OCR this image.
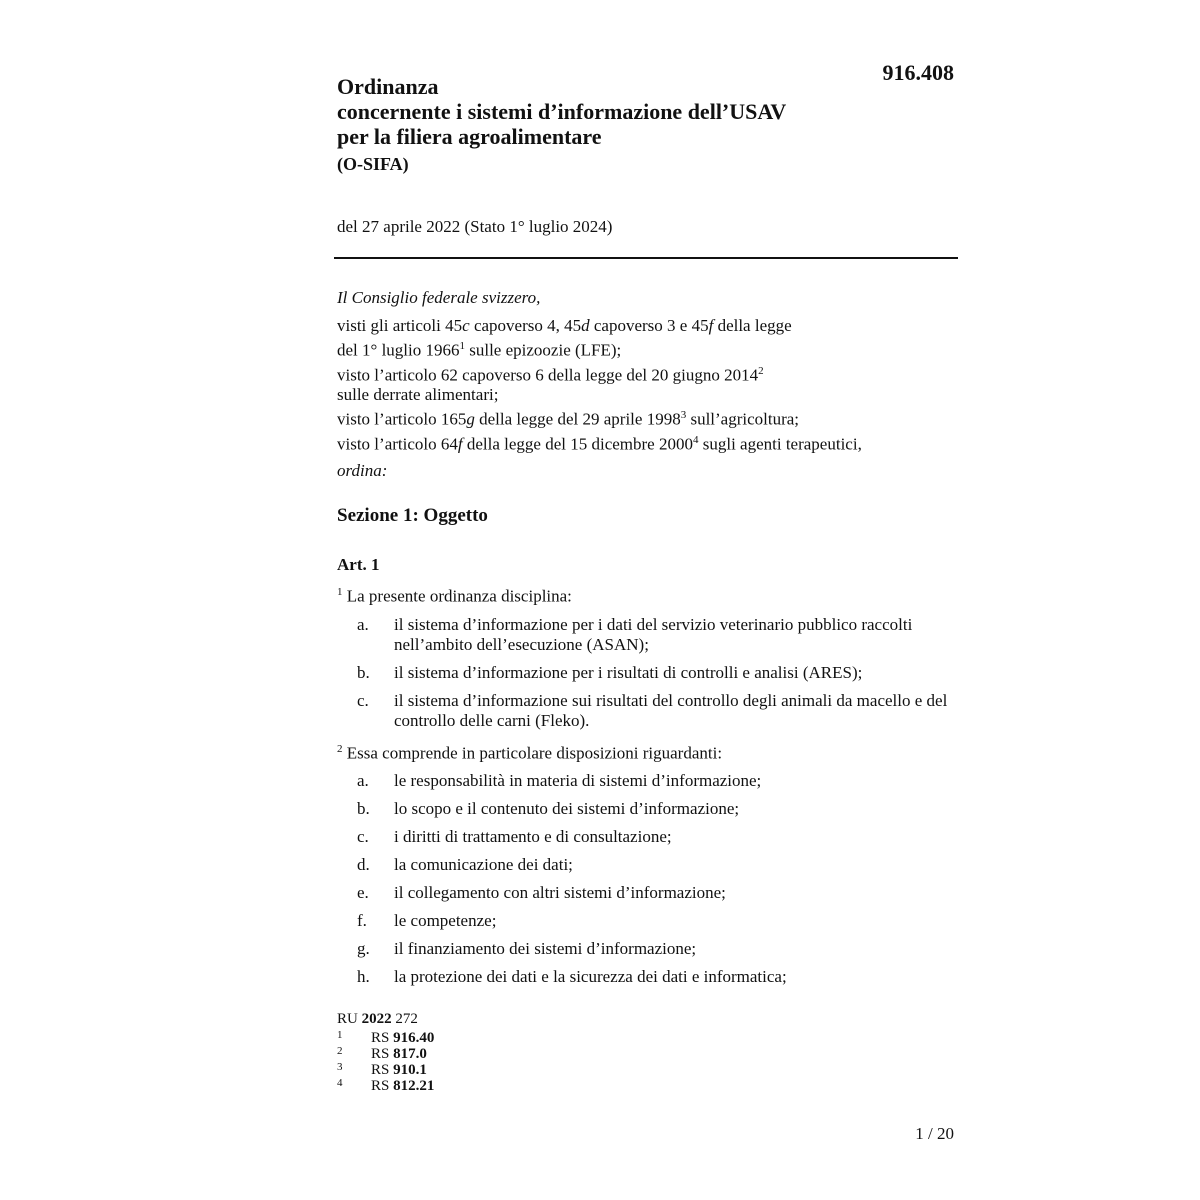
916.408
Ordinanza
concernente i sistemi d’informazione dell’USAV
per la filiera agroalimentare
(O-SIFA)
del 27 aprile 2022 (Stato 1° luglio 2024)
Il Consiglio federale svizzero,
visti gli articoli 45c capoverso 4, 45d capoverso 3 e 45f della legge
del 1° luglio 1966$^1$ sulle epizoozie (LFE);
visto l’articolo 62 capoverso 6 della legge del 20 giugno 2014$^2$
sulle derrate alimentari;
visto l’articolo 165g della legge del 29 aprile 1998$^3$ sull’agricoltura;
visto l’articolo 64f della legge del 15 dicembre 2000$^4$ sugli agenti terapeutici,
ordina:
Sezione 1: Oggetto
Art. 1
$^1$ La presente ordinanza disciplina:
a.	il sistema d’informazione per i dati del servizio veterinario pubblico raccolti nell’ambito dell’esecuzione (ASAN);
b.	il sistema d’informazione per i risultati di controlli e analisi (ARES);
c.	il sistema d’informazione sui risultati del controllo degli animali da macello e del controllo delle carni (Fleko).
$^2$ Essa comprende in particolare disposizioni riguardanti:
a.	le responsabilità in materia di sistemi d’informazione;
b.	lo scopo e il contenuto dei sistemi d’informazione;
c.	i diritti di trattamento e di consultazione;
d.	la comunicazione dei dati;
e.	il collegamento con altri sistemi d’informazione;
f.	le competenze;
g.	il finanziamento dei sistemi d’informazione;
h.	la protezione dei dati e la sicurezza dei dati e informatica;
RU 2022 272
1	RS 916.40
2	RS 817.0
3	RS 910.1
4	RS 812.21
1 / 20
